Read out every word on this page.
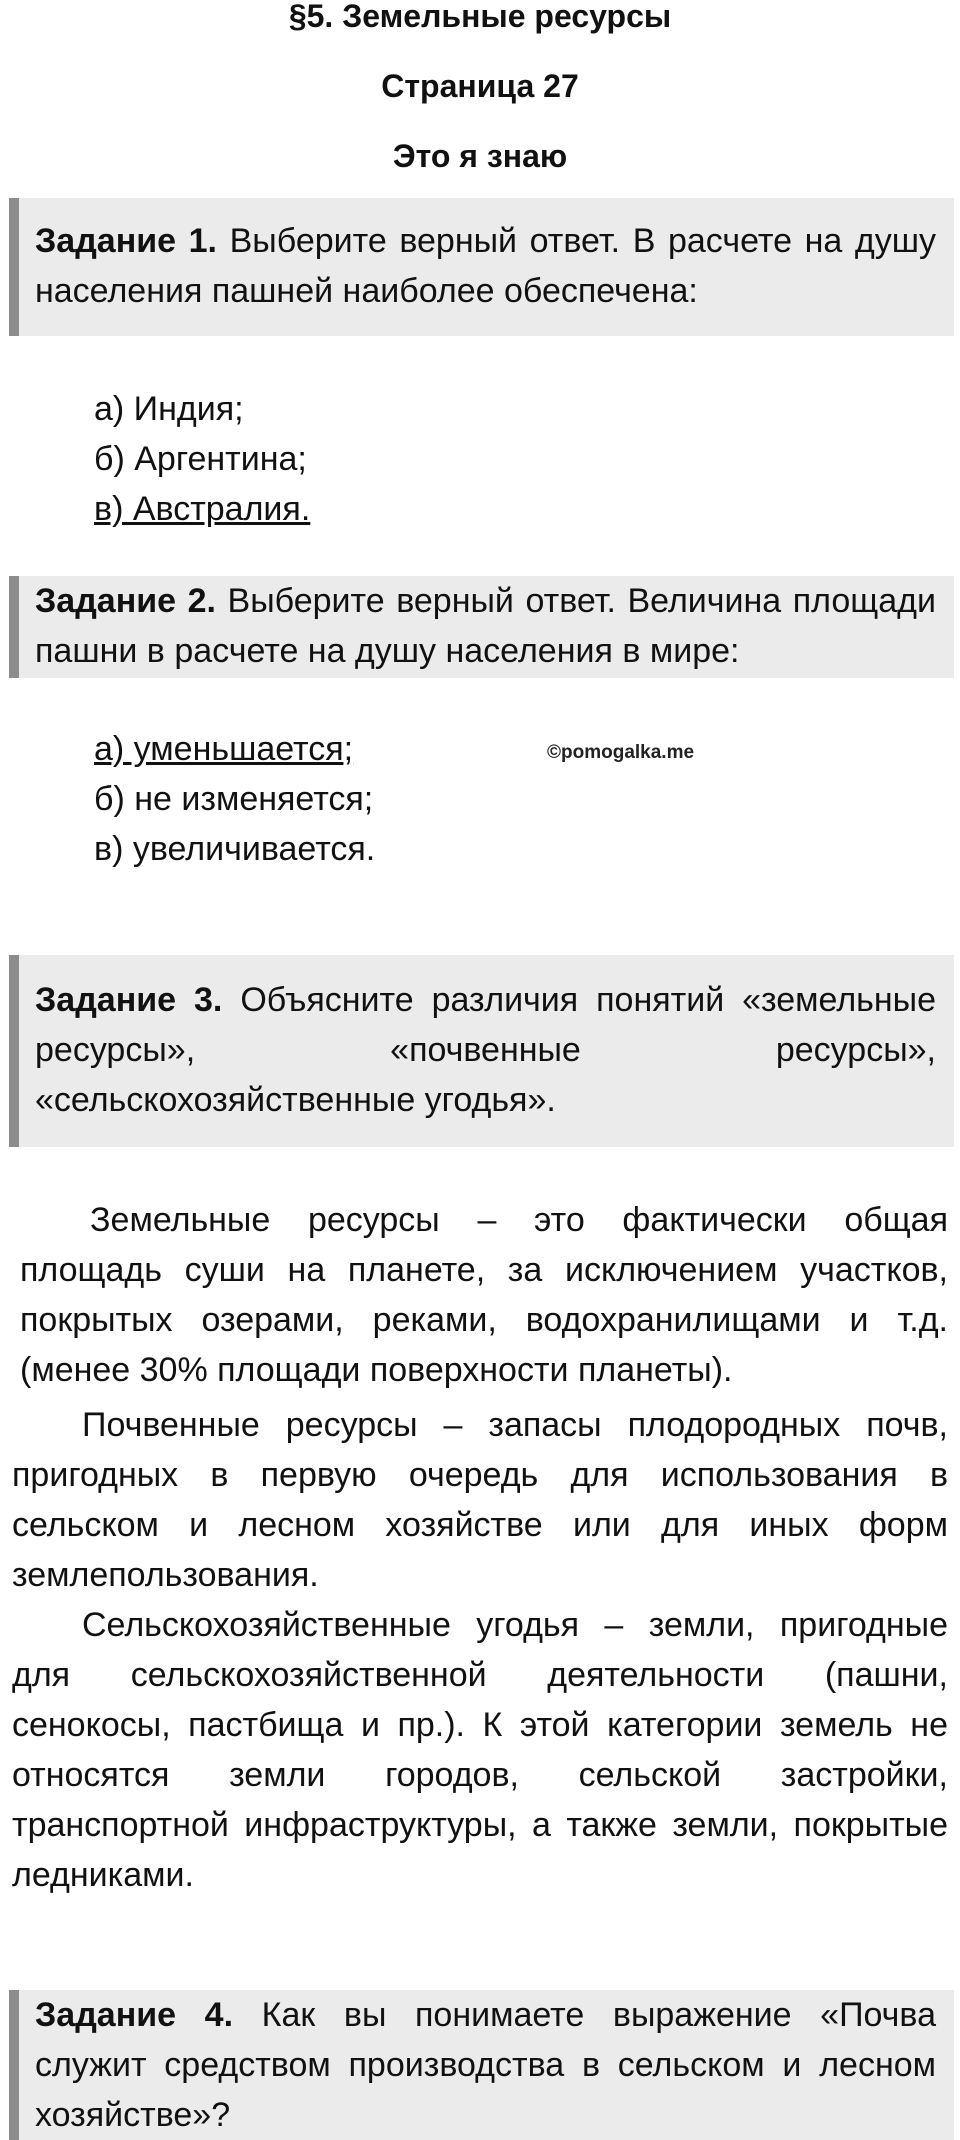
§5. Земельные ресурсы
Страница 27
Это я знаю
Задание 1. Выберите верный ответ. В расчете на душу населения пашней наиболее обеспечена:
а) Индия;
б) Аргентина;
в) Австралия.
Задание 2. Выберите верный ответ. Величина площади пашни в расчете на душу населения в мире:
а) уменьшается;
б) не изменяется;
в) увеличивается.
©pomogalka.me
Задание 3. Объясните различия понятий «земельные ресурсы», «почвенные ресурсы», «сельскохозяйственные угодья».

Земельные ресурсы – это фактически общая площадь суши на планете, за исключением участков, покрытых озерами, реками, водохранилищами и т.д. (менее 30% площади поверхности планеты).

Почвенные ресурсы – запасы плодородных почв, пригодных в первую очередь для использования в сельском и лесном хозяйстве или для иных форм землепользования.

Сельскохозяйственные угодья – земли, пригодные для сельскохозяйственной деятельности (пашни, сенокосы, пастбища и пр.). К этой категории земель не относятся земли городов, сельской застройки, транспортной инфраструктуры, а также земли, покрытые ледниками.

Задание 4. Как вы понимаете выражение «Почва служит средством производства в сельском и лесном хозяйстве»?
